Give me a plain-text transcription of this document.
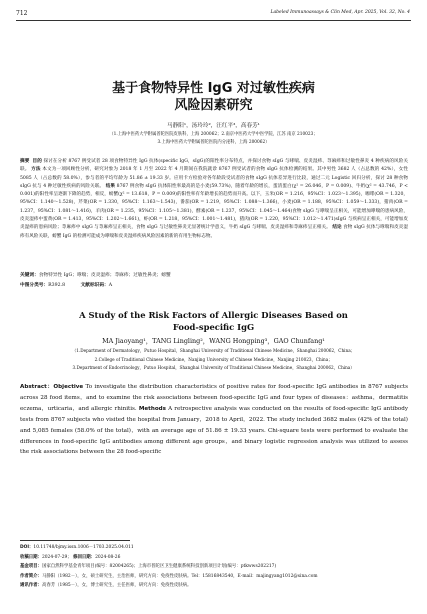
712	Labeled Immunoassays & Clin Med, Apr. 2025, Vol. 32, No. 4
基于食物特异性 IgG 对过敏性疾病
风险因素研究
马静阳¹，汤玲玲²，汪红平³，高春芳¹
（1.上海中医药大学附属普陀医院皮肤科，上海 200062；2.南京中医药大学中医学院，江苏 南京 210023；
3.上海中医药大学附属普陀医院内分泌科，上海 200062）
摘要 目的 探讨在分析 8767 例受试者 28 项食物特异性 IgG 抗体(specific IgG，sIgG)的阳性率分布特点，并探讨食物 sIgG 与哮喘、皮炎湿疹、荨麻疹和过敏性鼻炎 4 种疾病的风险关联。 方法 本文为一项回顾性分析，研究对象为 2018 年 1 月至 2022 年 4 月期间在我院就诊 8767 例受试者的食物 sIgG 抗体检测的结果。其中男性 3682 人（占总数的 42%），女性 5085 人（占总数的 58.0%），参与者的平均年龄为 51.86 ± 19.33 岁。应用卡方检验对各年龄段受试者的食物 sIgG 抗体差异进行比较，通过二元 Logistic 回归分析，探讨 28 种食物 sIgG 抗与 4 种过敏性疾病的风险关联。 结果 8767 例食物 sIgG 抗体阳性率最高的是小麦(59.73%)，随着年龄的增长，蛋清蛋白(χ² = 26.046，P = 0.009)、牛奶(χ² = 43.746，P < 0.001)的阳性率呈逐渐下降的趋势，相反，螃蟹(χ² = 13.618，P = 0.009)的阳性率有年龄增长的趋势而升高。以下，玉米(OR = 1.216，95%CI：1.023～1.395)，咖啡(OR = 1.320，95%CI：1.140～1.528)，芹菜(OR = 1.330，95%CI：1.163～1.543)，番茄(OR = 1.219，95%CI：1.088～1.366)，小麦(OR = 1.188，95%CI：1.059～1.333)，猪肉(OR = 1.237，95%CI：1.081～1.416)，羊肉(OR = 1.235，95%CI：1.105～1.381)，酵素(OR = 1.237，95%CI：1.045～1.464)食物 sIgG 与哮喘呈正相关，可能增加哮喘的患病风险，皮炎湿疹中蛋黄(OR = 1.413，95%CI：1.202～1.661)，虾(OR = 1.218，95%CI：1.001～1.481)，猪肉(OR = 1.220，95%CI：1.012～1.471)sIgG 与疾病呈正相关，可能增加皮炎湿疹的患病风险；荨麻疹中 sIgG 与荨麻疹呈正相关，食物 sIgG 与过敏性鼻炎无显著统计学意义，牛奶 sIgG 与哮喘、皮炎湿疹和荨麻疹呈正相关。 结论 食物 sIgG 抗体与哮喘和皮炎湿疹有风险关联，螃蟹 IgG 的检测可能成为哮喘和皮炎湿疹疾病风险因素的新的有用生物标志物。
关键词：食物特异性 IgG；哮喘；皮炎湿疹；荨麻疹；过敏性鼻炎；螃蟹
中图分类号：R392.8	文献标识码：A
A Study of the Risk Factors of Allergic Diseases Based on
Food-specific IgG
MA Jiaoyang¹，TANG Lingling²，WANG Hongping³，GAO Chunfang¹
（1.Department of Dermatology，Putuo Hospital，Shanghai University of Traditional Chinese Medicine，Shanghai 200062，China；
2.College of Traditional Chinese Medicine，Nanjing University of Chinese Medicine，Nanjing 210023，China；
3.Department of Endocrinology，Putuo Hospital，Shanghai University of Traditional Chinese Medicine，Shanghai 200062，China）
Abstract：Objective To investigate the distribution characteristics of positive rates for food-specific IgG antibodies in 8767 subjects across 28 food items，and to examine the risk associations between food-specific IgG and four types of diseases：asthma，dermatitis eczema，urticaria，and allergic rhinitis. Methods A retrospective analysis was conducted on the results of food-specific IgG antibody tests from 8767 subjects who visited the hospital from January，2018 to April，2022. The study included 3682 males (42% of the total) and 5,085 females (58.0% of the total)，with an average age of 51.86 ± 19.33 years. Chi-square tests were performed to evaluate the differences in food-specific IgG antibodies among different age groups，and binary logistic regression analysis was utilized to assess the risk associations between the 28 food-specific
DOI：10.11748/bjmy.issn.1006－1703.2025.04.011
收稿日期：2024-07-29； 修回日期：2024-08-26
基金项目：国家自然科学基金青年项目(编号：82004265)；上海市普陀区卫生健康系统科技创新项目计划(编号：ptkwws202217)
作者简介：马静阳（1982－），女，硕士研究生，主治医师，研究方向：免疫性皮肤病。Tel：15816843540，E-mail：majingyang1012@sina.com
通讯作者：高春芳（1985－），女，博士研究生，主任医师，研究方向：免疫性皮肤病。
